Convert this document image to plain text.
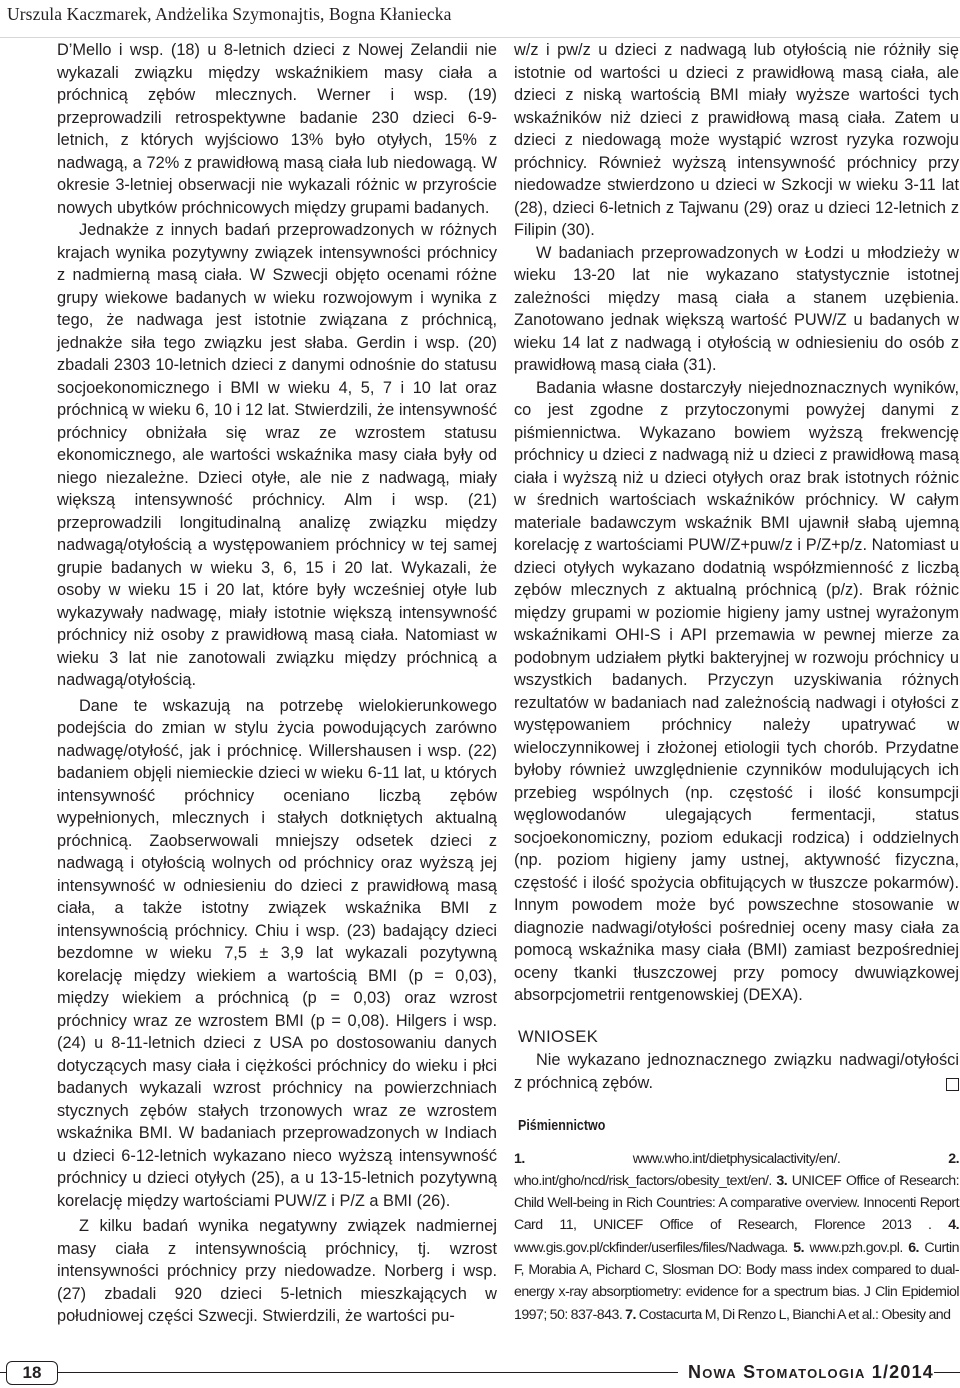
Urszula Kaczmarek, Andżelika Szymonajtis, Bogna Kłaniecka

D’Mello i wsp. (18) u 8-letnich dzieci z Nowej Zelandii nie wykazali związku między wskaźnikiem masy ciała a próchnicą zębów mlecznych. Werner i wsp. (19) przeprowadzili retrospektywne badanie 230 dzieci 6-9-letnich, z których wyjściowo 13% było otyłych, 15% z nadwagą, a 72% z prawidłową masą ciała lub niedowagą. W okresie 3-letniej obserwacji nie wykazali różnic w przyroście nowych ubytków próchnicowych między grupami badanych.

Jednakże z innych badań przeprowadzonych w różnych krajach wynika pozytywny związek intensywności próchnicy z nadmierną masą ciała. W Szwecji objęto ocenami różne grupy wiekowe badanych w wieku rozwojowym i wynika z tego, że nadwaga jest istotnie związana z próchnicą, jednakże siła tego związku jest słaba. Gerdin i wsp. (20) zbadali 2303 10-letnich dzieci z danymi odnośnie do statusu socjoekonomicznego i BMI w wieku 4, 5, 7 i 10 lat oraz próchnicą w wieku 6, 10 i 12 lat. Stwierdzili, że intensywność próchnicy obniżała się wraz ze wzrostem statusu ekonomicznego, ale wartości wskaźnika masy ciała były od niego niezależne. Dzieci otyłe, ale nie z nadwagą, miały większą intensywność próchnicy. Alm i wsp. (21) przeprowadzili longitudinalną analizę związku między nadwagą/otyłością a występowaniem próchnicy w tej samej grupie badanych w wieku 3, 6, 15 i 20 lat. Wykazali, że osoby w wieku 15 i 20 lat, które były wcześniej otyłe lub wykazywały nadwagę, miały istotnie większą intensywność próchnicy niż osoby z prawidłową masą ciała. Natomiast w wieku 3 lat nie zanotowali związku między próchnicą a nadwagą/otyłością.

Dane te wskazują na potrzebę wielokierunkowego podejścia do zmian w stylu życia powodujących zarówno nadwagę/otyłość, jak i próchnicę. Willershausen i wsp. (22) badaniem objęli niemieckie dzieci w wieku 6-11 lat, u których intensywność próchnicy oceniano liczbą zębów wypełnionych, mlecznych i stałych dotkniętych aktualną próchnicą. Zaobserwowali mniejszy odsetek dzieci z nadwagą i otyłością wolnych od próchnicy oraz wyższą jej intensywność w odniesieniu do dzieci z prawidłową masą ciała, a także istotny związek wskaźnika BMI z intensywnością próchnicy. Chiu i wsp. (23) badający dzieci bezdomne w wieku 7,5 ± 3,9 lat wykazali pozytywną korelację między wiekiem a wartością BMI (p = 0,03), między wiekiem a próchnicą (p = 0,03) oraz wzrost próchnicy wraz ze wzrostem BMI (p = 0,08). Hilgers i wsp. (24) u 8-11-letnich dzieci z USA po dostosowaniu danych dotyczących masy ciała i ciężkości próchnicy do wieku i płci badanych wykazali wzrost próchnicy na powierzchniach stycznych zębów stałych trzonowych wraz ze wzrostem wskaźnika BMI. W badaniach przeprowadzonych w Indiach u dzieci 6-12-letnich wykazano nieco wyższą intensywność próchnicy u dzieci otyłych (25), a u 13-15-letnich pozytywną korelację między wartościami PUW/Z i P/Z a BMI (26).

Z kilku badań wynika negatywny związek nadmiernej masy ciała z intensywnością próchnicy, tj. wzrost intensywności próchnicy przy niedowadze. Norberg i wsp. (27) zbadali 920 dzieci 5-letnich mieszkających w południowej części Szwecji. Stwierdzili, że wartości pu-

w/z i pw/z u dzieci z nadwagą lub otyłością nie różniły się istotnie od wartości u dzieci z prawidłową masą ciała, ale dzieci z niską wartością BMI miały wyższe wartości tych wskaźników niż dzieci z prawidłową masą ciała. Zatem u dzieci z niedowagą może wystąpić wzrost ryzyka rozwoju próchnicy. Również wyższą intensywność próchnicy przy niedowadze stwierdzono u dzieci w Szkocji w wieku 3-11 lat (28), dzieci 6-letnich z Tajwanu (29) oraz u dzieci 12-letnich z Filipin (30).

W badaniach przeprowadzonych w Łodzi u młodzieży w wieku 13-20 lat nie wykazano statystycznie istotnej zależności między masą ciała a stanem uzębienia. Zanotowano jednak większą wartość PUW/Z u badanych w wieku 14 lat z nadwagą i otyłością w odniesieniu do osób z prawidłową masą ciała (31).

Badania własne dostarczyły niejednoznacznych wyników, co jest zgodne z przytoczonymi powyżej danymi z piśmiennictwa. Wykazano bowiem wyższą frekwencję próchnicy u dzieci z nadwagą niż u dzieci z prawidłową masą ciała i wyższą niż u dzieci otyłych oraz brak istotnych różnic w średnich wartościach wskaźników próchnicy. W całym materiale badawczym wskaźnik BMI ujawnił słabą ujemną korelację z wartościami PUW/Z+puw/z i P/Z+p/z. Natomiast u dzieci otyłych wykazano dodatnią współzmienność z liczbą zębów mlecznych z aktualną próchnicą (p/z). Brak różnic między grupami w poziomie higieny jamy ustnej wyrażonym wskaźnikami OHI-S i API przemawia w pewnej mierze za podobnym udziałem płytki bakteryjnej w rozwoju próchnicy u wszystkich badanych. Przyczyn uzyskiwania różnych rezultatów w badaniach nad zależnością nadwagi i otyłości z występowaniem próchnicy należy upatrywać w wieloczynnikowej i złożonej etiologii tych chorób. Przydatne byłoby również uwzględnienie czynników modulujących ich przebieg wspólnych (np. częstość i ilość konsumpcji węglowodanów ulegających fermentacji, status socjoekonomiczny, poziom edukacji rodzica) i oddzielnych (np. poziom higieny jamy ustnej, aktywność fizyczna, częstość i ilość spożycia obfitujących w tłuszcze pokarmów). Innym powodem może być powszechne stosowanie w diagnozie nadwagi/otyłości pośredniej oceny masy ciała za pomocą wskaźnika masy ciała (BMI) zamiast bezpośredniej oceny tkanki tłuszczowej przy pomocy dwuwiązkowej absorpcjometrii rentgenowskiej (DEXA).

WNIOSEK

Nie wykazano jednoznacznego związku nadwagi/otyłości z próchnicą zębów.

Piśmiennictwo

1. www.who.int/dietphysicalactivity/en/. 2. who.int/gho/ncd/risk_factors/obesity_text/en/. 3. UNICEF Office of Research: Child Well-being in Rich Countries: A comparative overview. Innocenti Report Card 11, UNICEF Office of Research, Florence 2013 . 4. www.gis.gov.pl/ckfinder/userfiles/files/Nadwaga. 5. www.pzh.gov.pl. 6. Curtin F, Morabia A, Pichard C, Slosman DO: Body mass index compared to dual-energy x-ray absorptiometry: evidence for a spectrum bias. J Clin Epidemiol 1997; 50: 837-843. 7. Costacurta M, Di Renzo L, Bianchi A et al.: Obesity and

18	Nowa Stomatologia 1/2014
